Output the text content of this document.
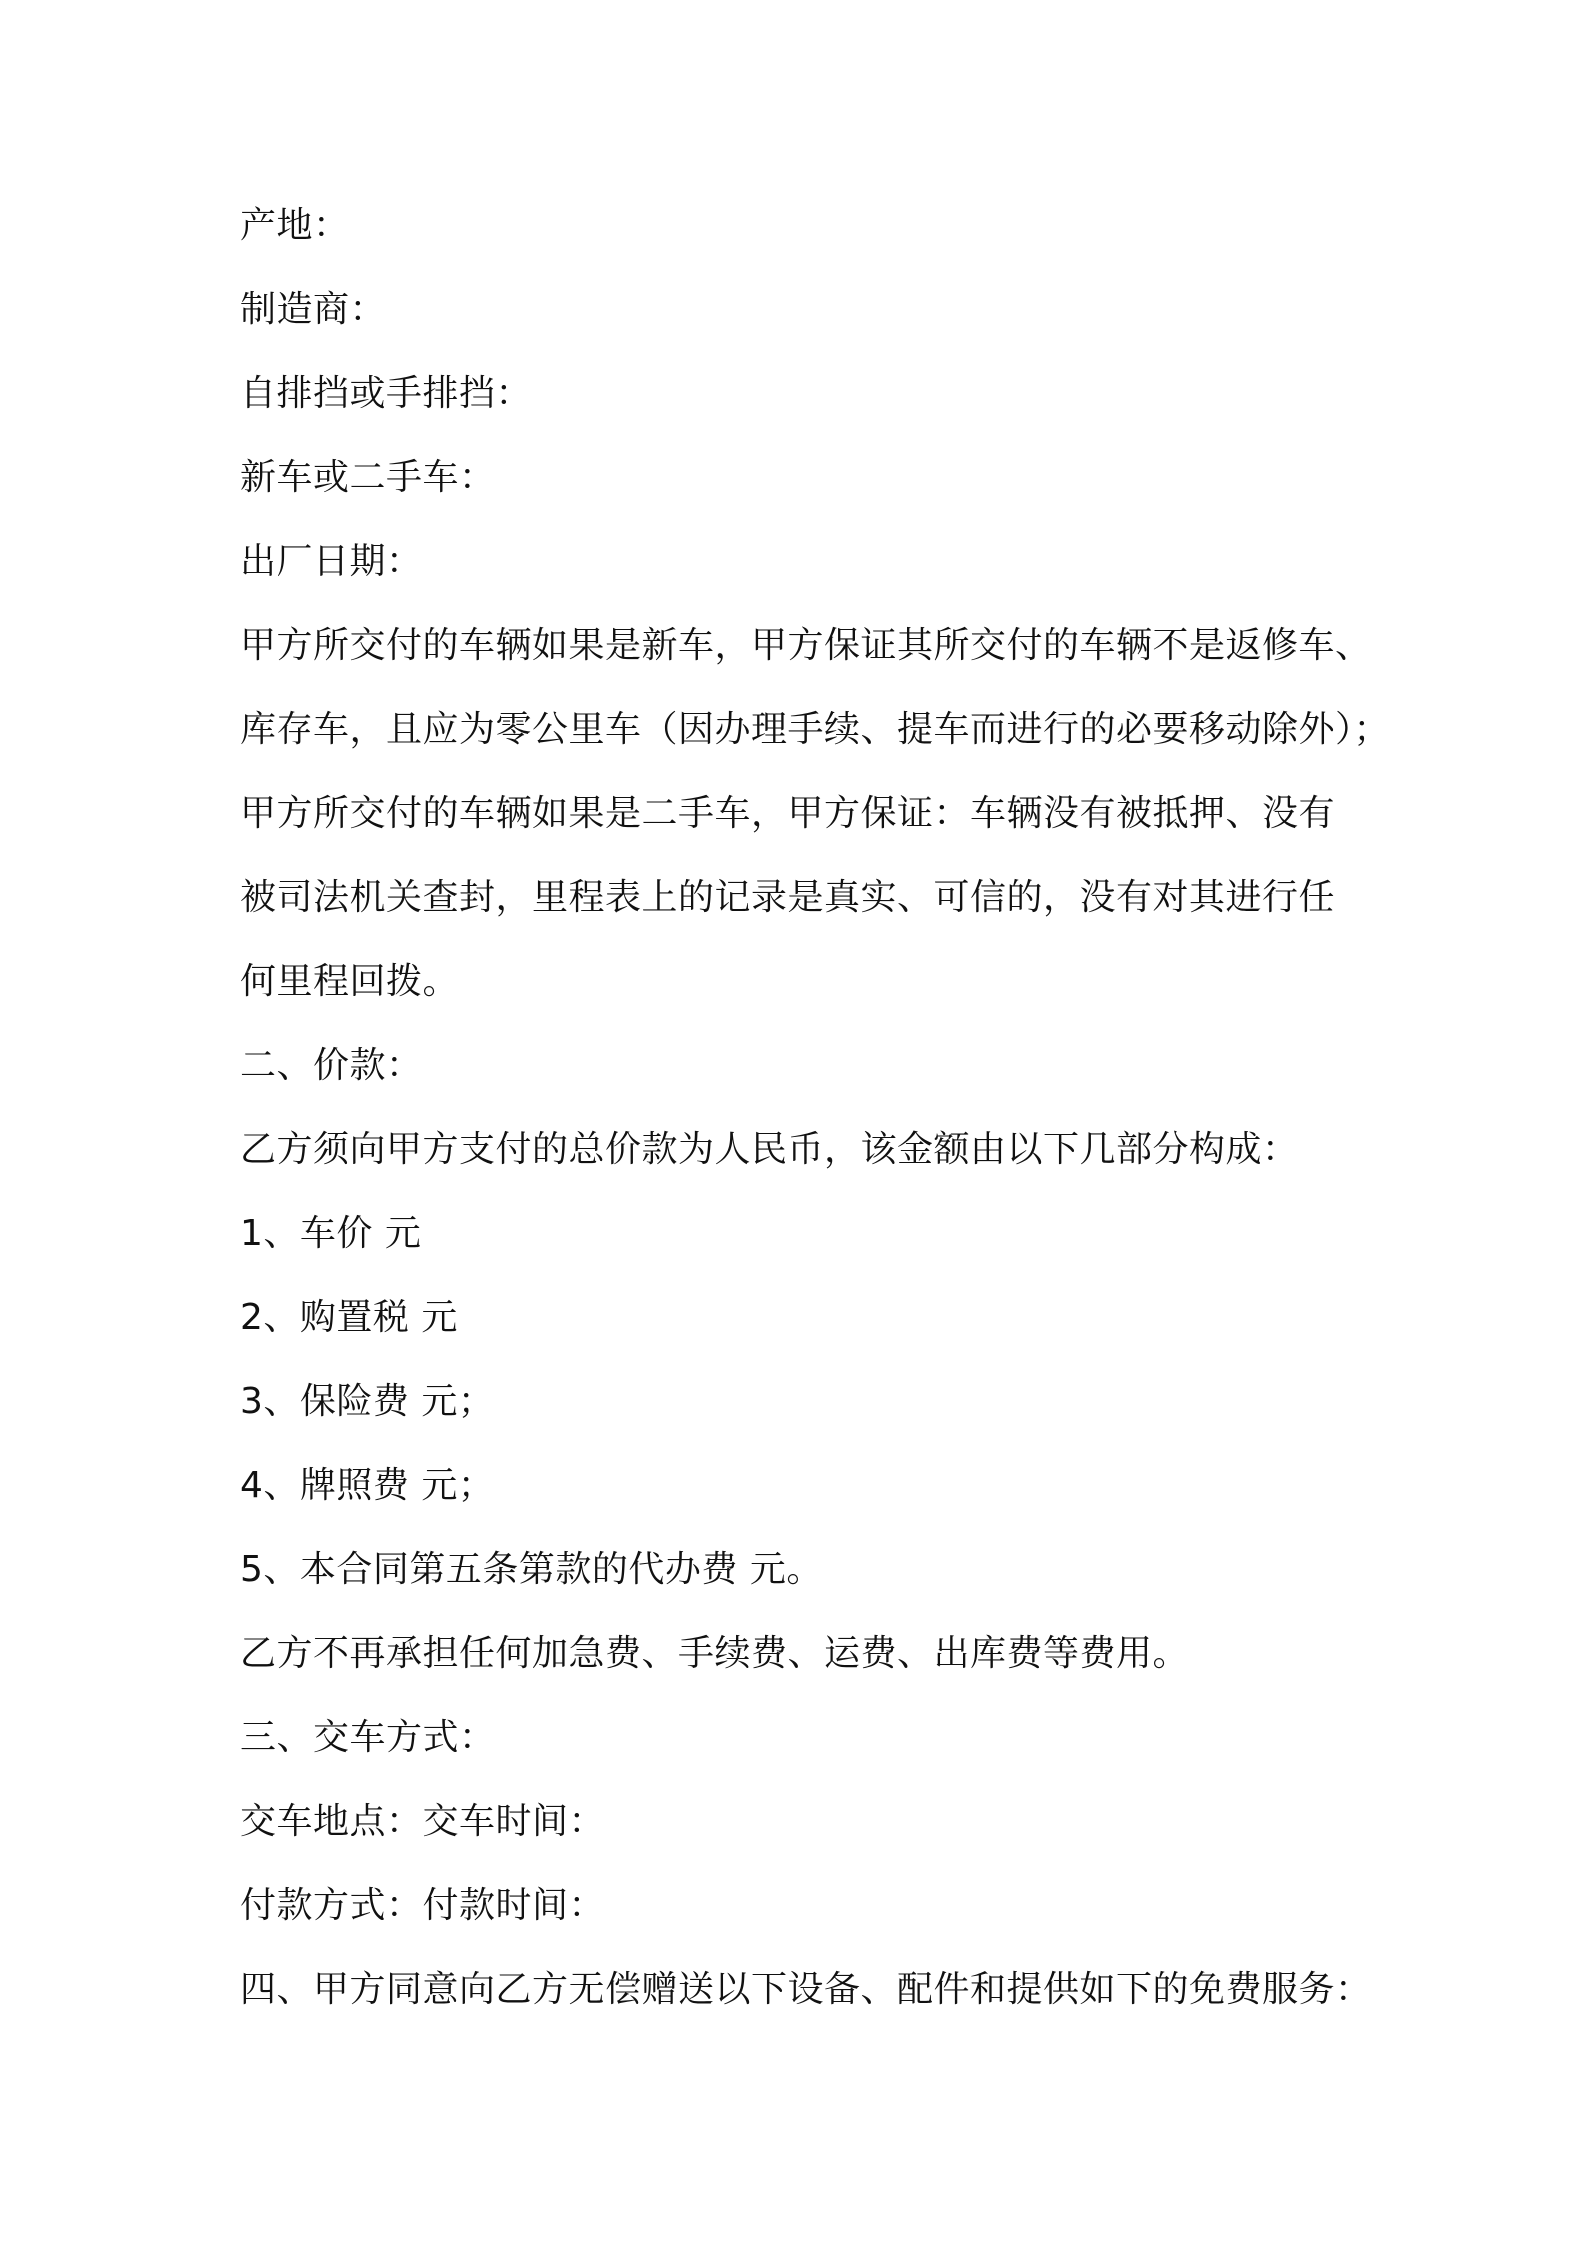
产地：
制造商：
自排挡或手排挡：
新车或二手车：
出厂日期：
甲方所交付的车辆如果是新车，甲方保证其所交付的车辆不是返修车、
库存车，且应为零公里车（因办理手续、提车而进行的必要移动除外）；
甲方所交付的车辆如果是二手车，甲方保证：车辆没有被抵押、没有
被司法机关查封，里程表上的记录是真实、可信的，没有对其进行任
何里程回拨。
二、价款：
乙方须向甲方支付的总价款为人民币，该金额由以下几部分构成：
1、车价 元
2、购置税 元
3、保险费 元；
4、牌照费 元；
5、本合同第五条第款的代办费 元。
乙方不再承担任何加急费、手续费、运费、出库费等费用。
三、交车方式：
交车地点：交车时间：
付款方式：付款时间：
四、甲方同意向乙方无偿赠送以下设备、配件和提供如下的免费服务：
